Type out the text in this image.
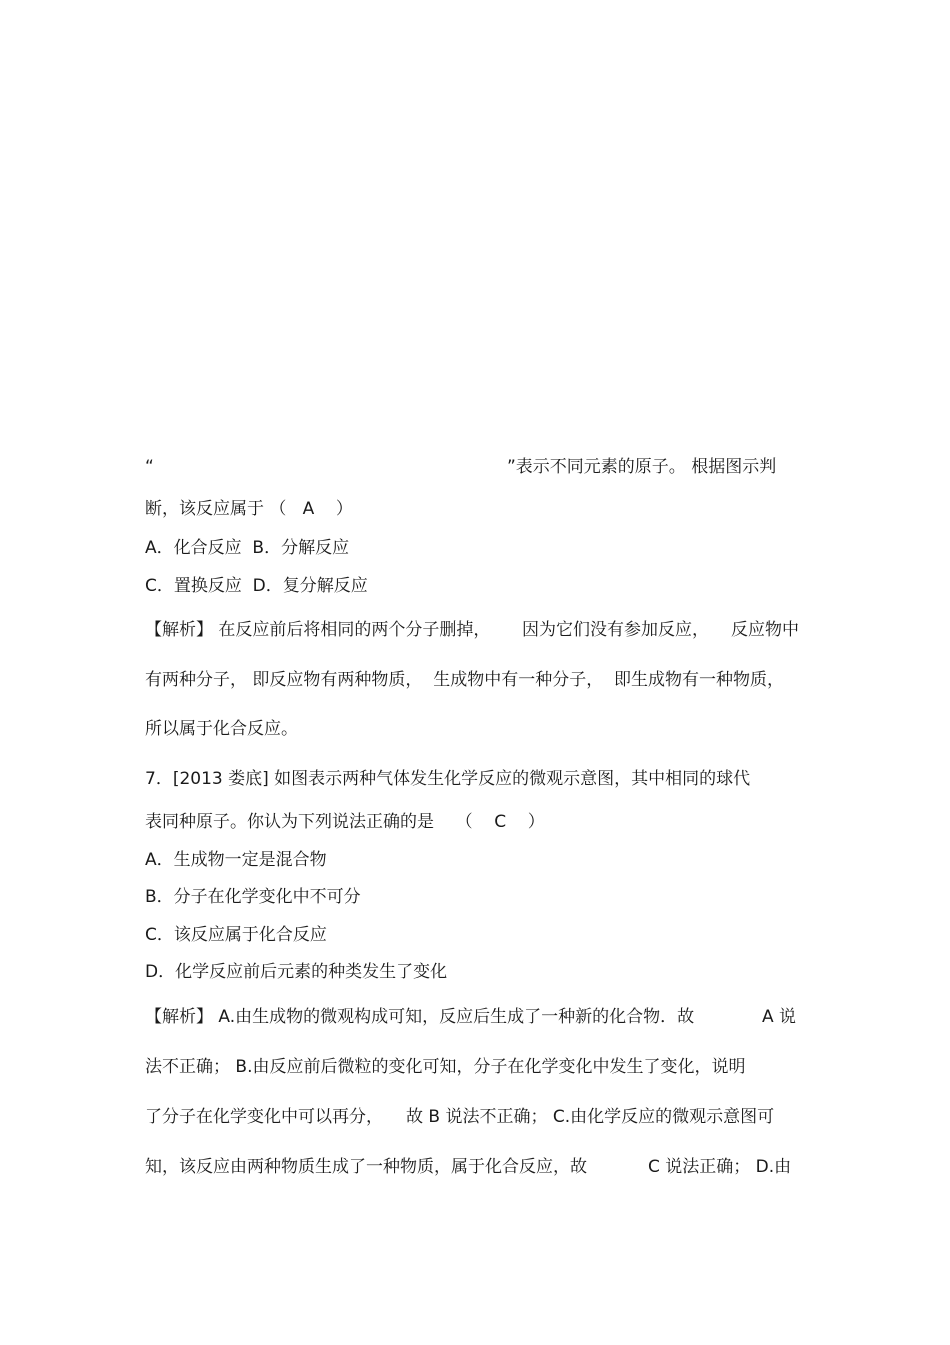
“	”表示不同元素的原子。 根据图示判
断，该反应属于 （   A    ）
A．化合反应  B．分解反应
C．置换反应  D．复分解反应
【解析】 在反应前后将相同的两个分子删掉， 因为它们没有参加反应， 反应物中
有两种分子， 即反应物有两种物质，  生成物中有一种分子，  即生成物有一种物质，
所以属于化合反应。
7．[2013 娄底] 如图表示两种气体发生化学反应的微观示意图，其中相同的球代
表同种原子。你认为下列说法正确的是    （    C    ）
A．生成物一定是混合物
B．分子在化学变化中不可分
C．该反应属于化合反应
D．化学反应前后元素的种类发生了变化
【解析】 A.由生成物的微观构成可知，反应后生成了一种新的化合物．故	A 说
法不正确； B.由反应前后微粒的变化可知，分子在化学变化中发生了变化，说明
了分子在化学变化中可以再分， 故 B 说法不正确； C.由化学反应的微观示意图可
知，该反应由两种物质生成了一种物质，属于化合反应，故	C 说法正确； D.由
